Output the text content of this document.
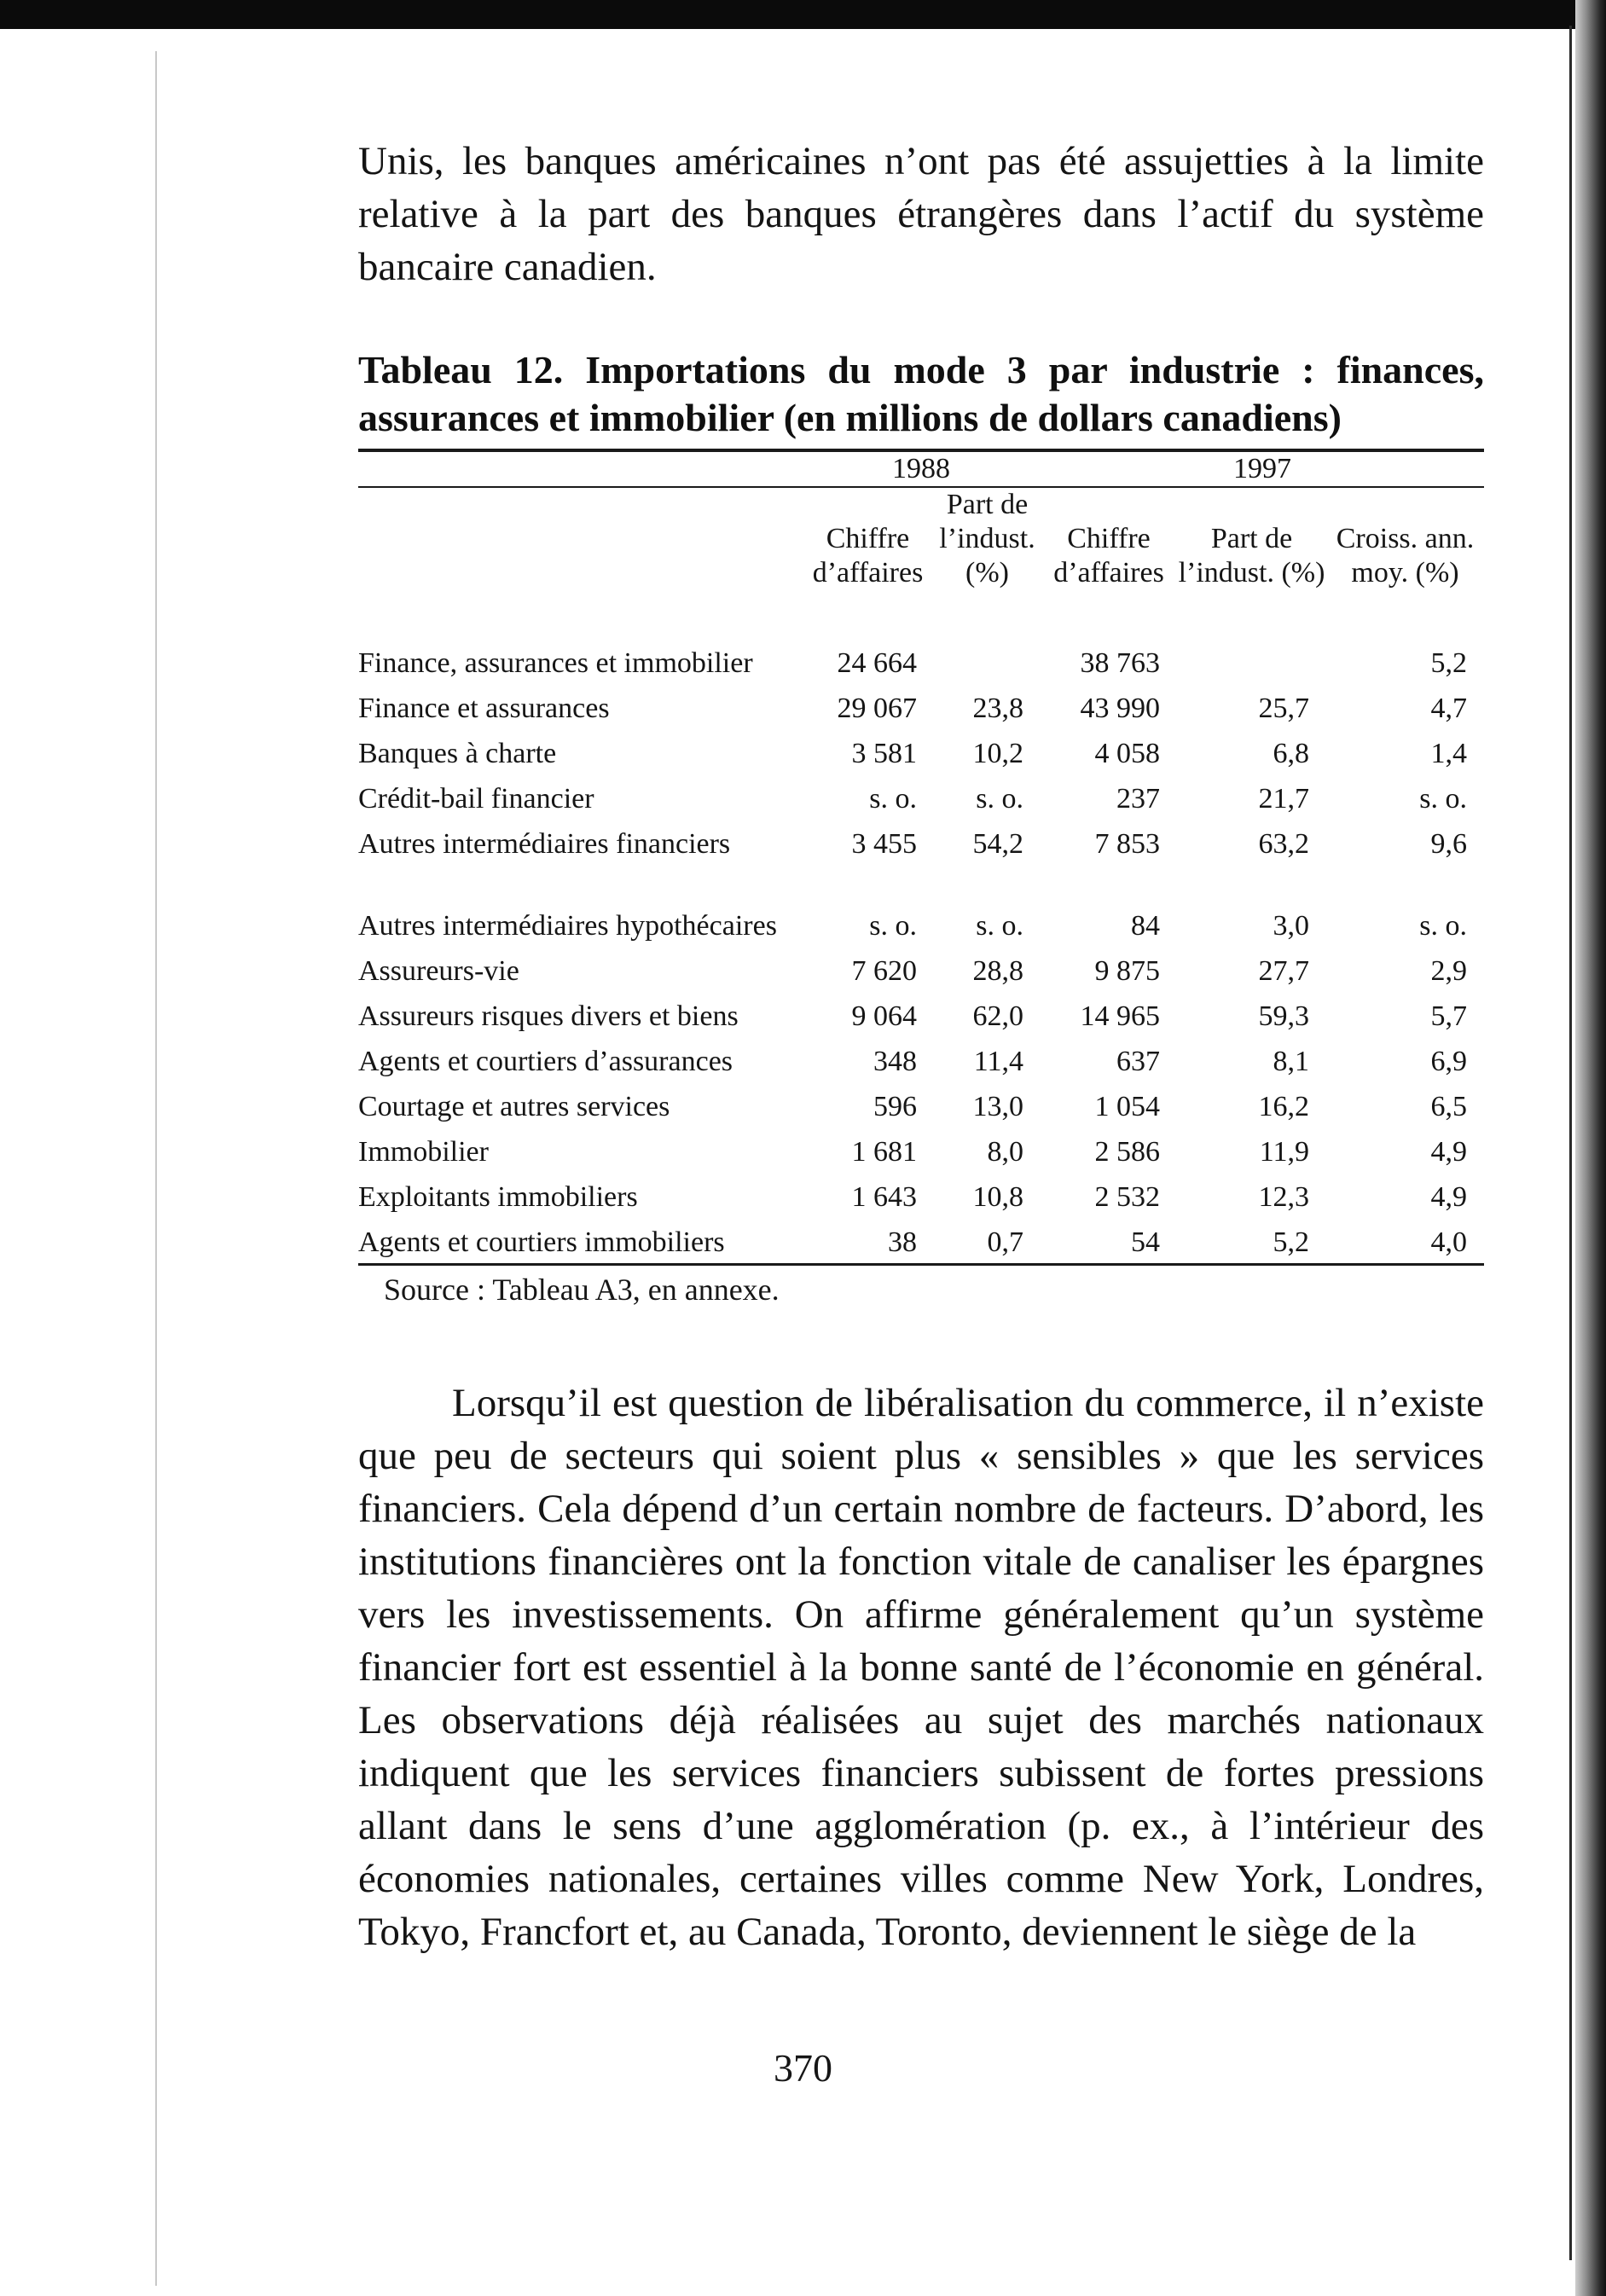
Unis, les banques américaines n’ont pas été assujetties à la limite relative à la part des banques étrangères dans l’actif du système bancaire canadien.

Tableau 12. Importations du mode 3 par industrie : finances, assurances et immobilier (en millions de dollars canadiens)

	1988		1997		
	Chiffre d’affaires	Part de l’indust. (%)	Chiffre d’affaires	Part de l’indust. (%)	Croiss. ann. moy. (%)
Finance, assurances et immobilier	24 664		38 763		5,2
Finance et assurances	29 067	23,8	43 990	25,7	4,7
Banques à charte	3 581	10,2	4 058	6,8	1,4
Crédit-bail financier	s. o.	s. o.	237	21,7	s. o.
Autres intermédiaires financiers	3 455	54,2	7 853	63,2	9,6
Autres intermédiaires hypothécaires	s. o.	s. o.	84	3,0	s. o.
Assureurs-vie	7 620	28,8	9 875	27,7	2,9
Assureurs risques divers et biens	9 064	62,0	14 965	59,3	5,7
Agents et courtiers d’assurances	348	11,4	637	8,1	6,9
Courtage et autres services	596	13,0	1 054	16,2	6,5
Immobilier	1 681	8,0	2 586	11,9	4,9
Exploitants immobiliers	1 643	10,8	2 532	12,3	4,9
Agents et courtiers immobiliers	38	0,7	54	5,2	4,0

Source : Tableau A3, en annexe.

Lorsqu’il est question de libéralisation du commerce, il n’existe que peu de secteurs qui soient plus « sensibles » que les services financiers. Cela dépend d’un certain nombre de facteurs. D’abord, les institutions financières ont la fonction vitale de canaliser les épargnes vers les investissements. On affirme généralement qu’un système financier fort est essentiel à la bonne santé de l’économie en général. Les observations déjà réalisées au sujet des marchés nationaux indiquent que les services financiers subissent de fortes pressions allant dans le sens d’une agglomération (p. ex., à l’intérieur des économies nationales, certaines villes comme New York, Londres, Tokyo, Francfort et, au Canada, Toronto, deviennent le siège de la

370
